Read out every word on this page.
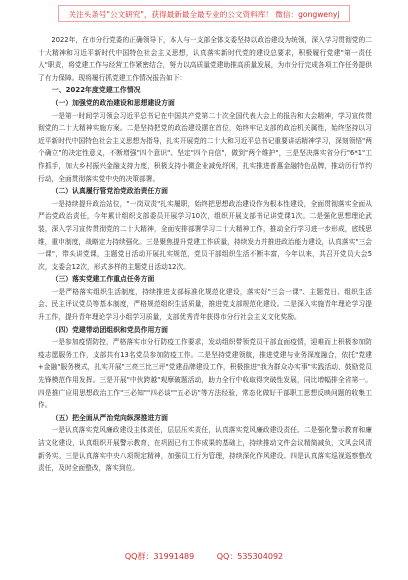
关注头条号"公文研究"，获得最新最全最专业的公文资料库！ 微信：gongwenyj

2022年，在市分行党委的正确领导下，本人与一支部全体支委坚持以政治建设为统领，深入学习贯彻党的二十大精神和习近平新时代中国特色社会主义思想，认真落实新时代党的建设总要求，积极履行党建"第一责任人"职责，将党建工作与经营工作紧密结合，努力以高质量党建助推高质量发展，为市分行完成各项工作任务提供了有力保障。现将履行抓党建工作情况报告如下：

一、2022年度党建工作情况
（一）加强党的政治建设和思想建设方面

一是第一时间学习领会习近平总书记在中国共产党第二十次全国代表大会上的报告和大会精神，学习宣传贯彻党的二十大精神实施方案。二是坚持把党的政治建设摆在首位，始终牢记支部的政治机关属性，始终坚持以习近平新时代中国特色社会主义思想为指导，扎实开展党的二十大和习近平总书记重要讲话精神学习，深刻领悟"两个确立"的决定性意义，不断增强"四个意识"、坚定"四个自信"，做到"两个维护"，三是坚决落实省分行"6*1"工作抓手，加大乡村振兴金融支持力度，积极支持小微企业减免纾困，扎实推进普惠金融特色品牌，推动历行节约行动，全面贯彻落实党中央的决策部署。

（二）认真履行管党治党政治责任方面

一是持续提升政治站位，"一岗双责"扎实履职，始终把思想政治建设作为根本性建设，全面贯彻落实全面从严治党政治责任，今年累计组织支部委员开展学习10次，组织开展支部书记讲党课1次。二是强化思想理论武装，深入学习宣传贯彻党的二十大精神，全面安排部署学习二十大精神工作，推动全行学习进一步形成，底线思维，重申制度，战略定力持续强化。三是聚焦提升党建工作质量，持续发力并推进政治能力建设，认真落实"三会一课"，带头讲党课，主题党日活动开展扎实规范，党员干部组织生活不断丰富，今年以来，共召开党员大会5次，支委会12次，形式多样的主题党日活动12次。

（三）落实党建工作重点任务方面

一是严格落实组织生活制度，持续推进支部标准化规范化建设，落实好"三会一课"、主题党日、组织生活会、民主评议党员等基本制度，严格规范组织生活质量，推进党支部规范化建设。二是深入实施青年理论学习提升工作，提升青年理论学习小组学习质量，支部优秀青年获得市分行社会主义文化奖励。

（四）党建带动团组织和党员作用方面

一是参加疫情防控，严格落实市分行防疫工作要求，发动组织带领党员干部直面疫情，迎难而上积极参加防疫志愿服务工作，支部共有13名党员参加防疫工作。二是坚持党建领航，推进党建与业务深度融合，依托"党建+金融"服务模式，扎实开展"三亮三比三评"党建品牌建设工作，积极推进"我为群众办实事"实践活动，鼓励党员先锋模范作用发挥。三是开展"中伙跨越"观摩破题活动，助力全行中收取得突破性发展，同比增幅排全省第一。四是推广应用思想政治工作"三必知""四必谈""五必访"等方法经验，常态化做好干部职工思想反映问题的收集工作。

（五）把全面从严治党向纵深推进方面

一是认真落实党风廉政建设主体责任，层层压实责任，认真落实党风廉政建设责任。二是强化警示教育和廉洁文化建设，认真组织开展警示教育，在巩固已有工作成果的基础上，持续推动文件会议精简减负，文风会风清新务实。三是认真落实中央八项规定精神，加强员工行为管理，持续深化作风建设。四是认真落实巡视巡察整改责任，及时全面整改，落实到位。

QQ群：31991489	QQ：535304092
